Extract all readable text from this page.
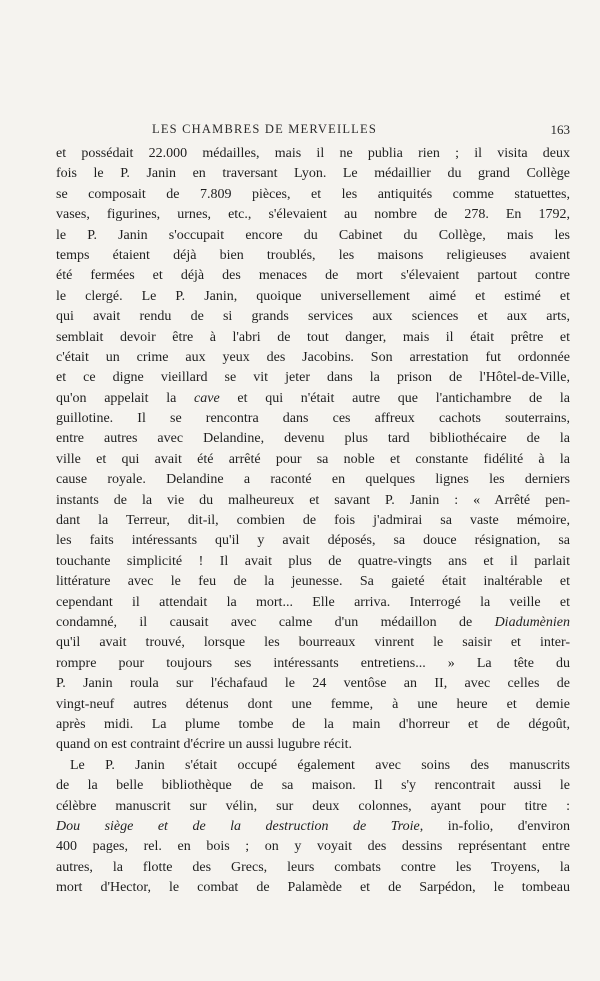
LES CHAMBRES DE MERVEILLES	163
et possédait 22.000 médailles, mais il ne publia rien ; il visita deux
fois le P. Janin en traversant Lyon. Le médaillier du grand Collège
se composait de 7.809 pièces, et les antiquités comme statuettes,
vases, figurines, urnes, etc., s'élevaient au nombre de 278. En 1792,
le P. Janin s'occupait encore du Cabinet du Collège, mais les
temps étaient déjà bien troublés, les maisons religieuses avaient
été fermées et déjà des menaces de mort s'élevaient partout contre
le clergé. Le P. Janin, quoique universellement aimé et estimé et
qui avait rendu de si grands services aux sciences et aux arts,
semblait devoir être à l'abri de tout danger, mais il était prêtre et
c'était un crime aux yeux des Jacobins. Son arrestation fut ordonnée
et ce digne vieillard se vit jeter dans la prison de l'Hôtel-de-Ville,
qu'on appelait la cave et qui n'était autre que l'antichambre de la
guillotine. Il se rencontra dans ces affreux cachots souterrains,
entre autres avec Delandine, devenu plus tard bibliothécaire de la
ville et qui avait été arrêté pour sa noble et constante fidélité à la
cause royale. Delandine a raconté en quelques lignes les derniers
instants de la vie du malheureux et savant P. Janin : « Arrêté pen-
dant la Terreur, dit-il, combien de fois j'admirai sa vaste mémoire,
les faits intéressants qu'il y avait déposés, sa douce résignation, sa
touchante simplicité ! Il avait plus de quatre-vingts ans et il parlait
littérature avec le feu de la jeunesse. Sa gaieté était inaltérable et
cependant il attendait la mort... Elle arriva. Interrogé la veille et
condamné, il causait avec calme d'un médaillon de Diadumènien
qu'il avait trouvé, lorsque les bourreaux vinrent le saisir et inter-
rompre pour toujours ses intéressants entretiens... » La tête du
P. Janin roula sur l'échafaud le 24 ventôse an II, avec celles de
vingt-neuf autres détenus dont une femme, à une heure et demie
après midi. La plume tombe de la main d'horreur et de dégoût,
quand on est contraint d'écrire un aussi lugubre récit.
Le P. Janin s'était occupé également avec soins des manuscrits
de la belle bibliothèque de sa maison. Il s'y rencontrait aussi le
célèbre manuscrit sur vélin, sur deux colonnes, ayant pour titre :
Dou siège et de la destruction de Troie, in-folio, d'environ
400 pages, rel. en bois ; on y voyait des dessins représentant entre
autres, la flotte des Grecs, leurs combats contre les Troyens, la
mort d'Hector, le combat de Palamède et de Sarpédon, le tombeau
